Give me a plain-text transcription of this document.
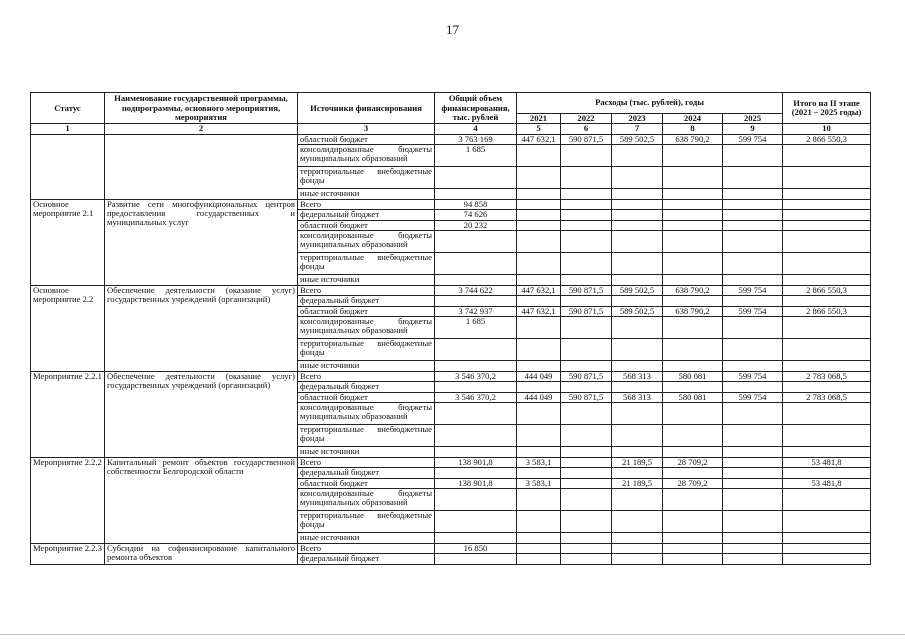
17
Статус	Наименование государственной программы, подпрограммы, основного мероприятия, мероприятия	Источники финансирования	Общий объем финансирования, тыс. рублей	Расходы (тыс. рублей), годы					Итого на II этапе (2021 – 2025 годы)
				2021	2022	2023	2024	2025	
1	2	3	4	5	6	7	8	9	10
		областной бюджет	3 763 169	447 632,1	590 871,5	589 502,5	638 790,2	599 754	2 866 550,3
		консолидированные бюджеты муниципальных образований	1 685						
		территориальные внебюджетные фонды							
		иные источники							
Основное мероприятие 2.1	Развитие сети многофункциональных центров предоставления государственных и муниципальных услуг	Всего	94 858						
		федеральный бюджет	74 626						
		областной бюджет	20 232						
		консолидированные бюджеты муниципальных образований							
		территориальные внебюджетные фонды							
		иные источники							
Основное мероприятие 2.2	Обеспечение деятельности (оказание услуг) государственных учреждений (организаций)	Всего	3 744 622	447 632,1	590 871,5	589 502,5	638 790,2	599 754	2 866 550,3
		федеральный бюджет							
		областной бюджет	3 742 937	447 632,1	590 871,5	589 502,5	638 790,2	599 754	2 866 550,3
		консолидированные бюджеты муниципальных образований	1 685						
		территориальные внебюджетные фонды							
		иные источники							
Мероприятие 2.2.1	Обеспечение деятельности (оказание услуг) государственных учреждений (организаций)	Всего	3 546 370,2	444 049	590 871,5	568 313	580 081	599 754	2 783 068,5
		федеральный бюджет							
		областной бюджет	3 546 370,2	444 049	590 871,5	568 313	580 081	599 754	2 783 068,5
		консолидированные бюджеты муниципальных образований							
		территориальные внебюджетные фонды							
		иные источники							
Мероприятие 2.2.2	Капитальный ремонт объектов государственной собственности Белгородской области	Всего	138 901,8	3 583,1		21 189,5	28 709,2		53 481,8
		федеральный бюджет							
		областной бюджет	138 901,8	3 583,1		21 189,5	28 709,2		53 481,8
		консолидированные бюджеты муниципальных образований							
		территориальные внебюджетные фонды							
		иные источники							
Мероприятие 2.2.3	Субсидии на софинансирование капитального ремонта объектов	Всего	16 850						
		федеральный бюджет							
